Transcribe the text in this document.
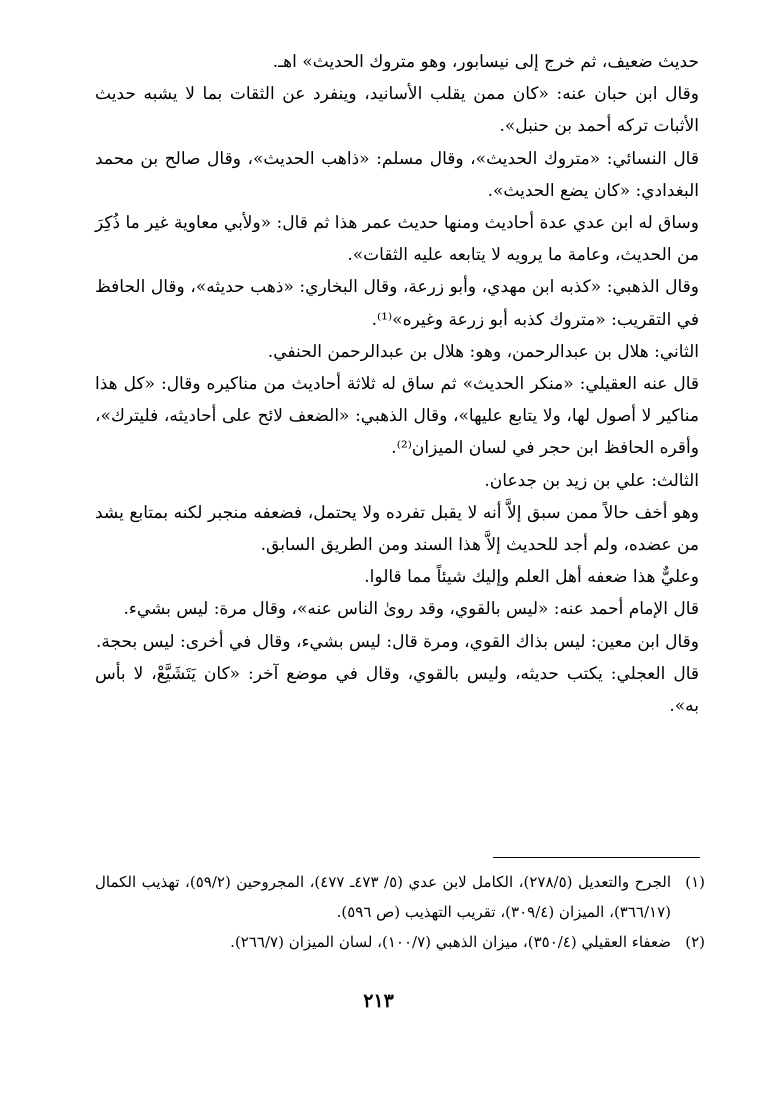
حديث ضعيف، ثم خرج إلى نيسابور، وهو متروك الحديث» اهـ.

وقال ابن حبان عنه: «كان ممن يقلب الأسانيد، وينفرد عن الثقات بما لا يشبه حديث الأثبات تركه أحمد بن حنبل».

قال النسائي: «متروك الحديث»، وقال مسلم: «ذاهب الحديث»، وقال صالح بن محمد البغدادي: «كان يضع الحديث».

وساق له ابن عدي عدة أحاديث ومنها حديث عمر هذا ثم قال: «ولأبي معاوية غير ما ذُكِرَ من الحديث، وعامة ما يرويه لا يتابعه عليه الثقات».

وقال الذهبي: «كذبه ابن مهدي، وأبو زرعة، وقال البخاري: «ذهب حديثه»، وقال الحافظ في التقريب: «متروك كذبه أبو زرعة وغيره»⁽¹⁾.

الثاني: هلال بن عبدالرحمن، وهو: هلال بن عبدالرحمن الحنفي.

قال عنه العقيلي: «منكر الحديث» ثم ساق له ثلاثة أحاديث من مناكيره وقال: «كل هذا مناكير لا أصول لها، ولا يتابع عليها»، وقال الذهبي: «الضعف لائح على أحاديثه، فليترك»، وأقره الحافظ ابن حجر في لسان الميزان⁽²⁾.

الثالث: علي بن زيد بن جدعان.

وهو أخف حالاً ممن سبق إلاَّ أنه لا يقبل تفرده ولا يحتمل، فضعفه منجبر لكنه بمتابع يشد من عضده، ولم أجد للحديث إلاَّ هذا السند ومن الطريق السابق.

وعليٌّ هذا ضعفه أهل العلم وإليك شيئاً مما قالوا.

قال الإمام أحمد عنه: «ليس بالقوي، وقد روىٰ الناس عنه»، وقال مرة: ليس بشيء.

وقال ابن معين: ليس بذاك القوي، ومرة قال: ليس بشيء، وقال في أخرى: ليس بحجة.

قال العجلي: يكتب حديثه، وليس بالقوي، وقال في موضع آخر: «كان يَتَشَيَّعْ، لا بأس به».

(١)
الجرح والتعديل (٢٧٨/٥)، الكامل لابن عدي (٥/ ٤٧٣ـ ٤٧٧)، المجروحين (٥٩/٢)، تهذيب الكمال (٣٦٦/١٧)، الميزان (٣٠٩/٤)، تقريب التهذيب (ص ٥٩٦).
(٢)
ضعفاء العقيلي (٣٥٠/٤)، ميزان الذهبي (١٠٠/٧)، لسان الميزان (٢٦٦/٧).
٢١٣
